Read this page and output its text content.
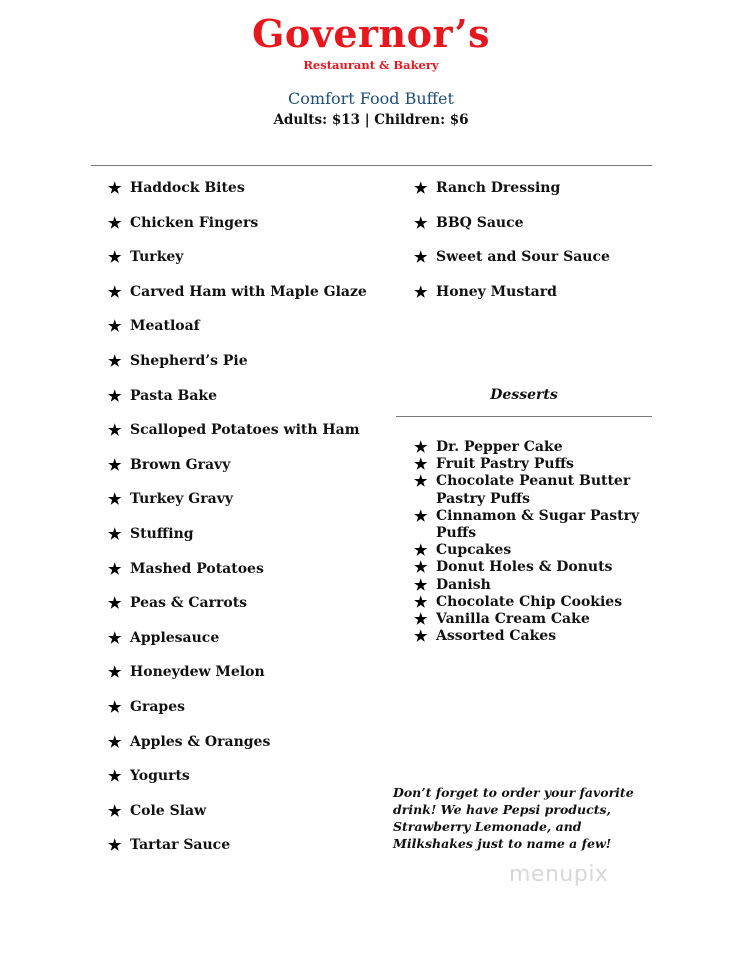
Governor’s
Restaurant & Bakery
Comfort Food Buffet
Adults: $13 | Children: $6
★ Haddock Bites
★ Chicken Fingers
★ Turkey
★ Carved Ham with Maple Glaze
★ Meatloaf
★ Shepherd’s Pie
★ Pasta Bake
★ Scalloped Potatoes with Ham
★ Brown Gravy
★ Turkey Gravy
★ Stuffing
★ Mashed Potatoes
★ Peas & Carrots
★ Applesauce
★ Honeydew Melon
★ Grapes
★ Apples & Oranges
★ Yogurts
★ Cole Slaw
★ Tartar Sauce
★ Ranch Dressing
★ BBQ Sauce
★ Sweet and Sour Sauce
★ Honey Mustard
Desserts
★ Dr. Pepper Cake
★ Fruit Pastry Puffs
★ Chocolate Peanut Butter Pastry Puffs
★ Cinnamon & Sugar Pastry Puffs
★ Cupcakes
★ Donut Holes & Donuts
★ Danish
★ Chocolate Chip Cookies
★ Vanilla Cream Cake
★ Assorted Cakes
Don’t forget to order your favorite drink! We have Pepsi products, Strawberry Lemonade, and Milkshakes just to name a few!
menupix
